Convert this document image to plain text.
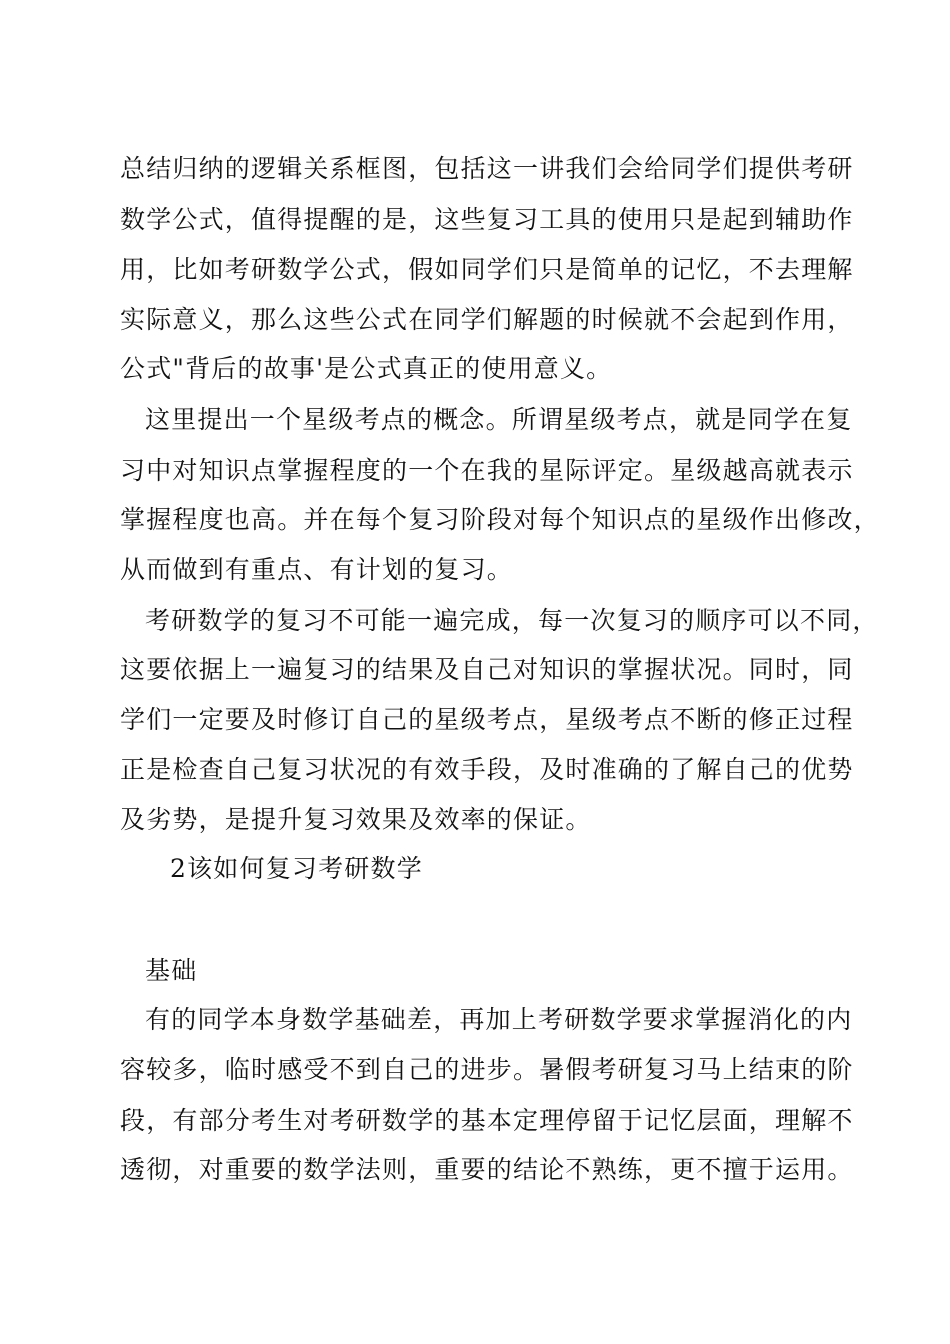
总结归纳的逻辑关系框图，包括这一讲我们会给同学们提供考研
数学公式，值得提醒的是，这些复习工具的使用只是起到辅助作
用，比如考研数学公式，假如同学们只是简单的记忆，不去理解
实际意义，那么这些公式在同学们解题的时候就不会起到作用，
公式"背后的故事'是公式真正的使用意义。
这里提出一个星级考点的概念。所谓星级考点，就是同学在复
习中对知识点掌握程度的一个在我的星际评定。星级越高就表示
掌握程度也高。并在每个复习阶段对每个知识点的星级作出修改，
从而做到有重点、有计划的复习。
考研数学的复习不可能一遍完成，每一次复习的顺序可以不同，
这要依据上一遍复习的结果及自己对知识的掌握状况。同时，同
学们一定要及时修订自己的星级考点，星级考点不断的修正过程
正是检查自己复习状况的有效手段，及时准确的了解自己的优势
及劣势，是提升复习效果及效率的保证。
2该如何复习考研数学
基础
有的同学本身数学基础差，再加上考研数学要求掌握消化的内
容较多，临时感受不到自己的进步。暑假考研复习马上结束的阶
段，有部分考生对考研数学的基本定理停留于记忆层面，理解不
透彻，对重要的数学法则，重要的结论不熟练，更不擅于运用。
